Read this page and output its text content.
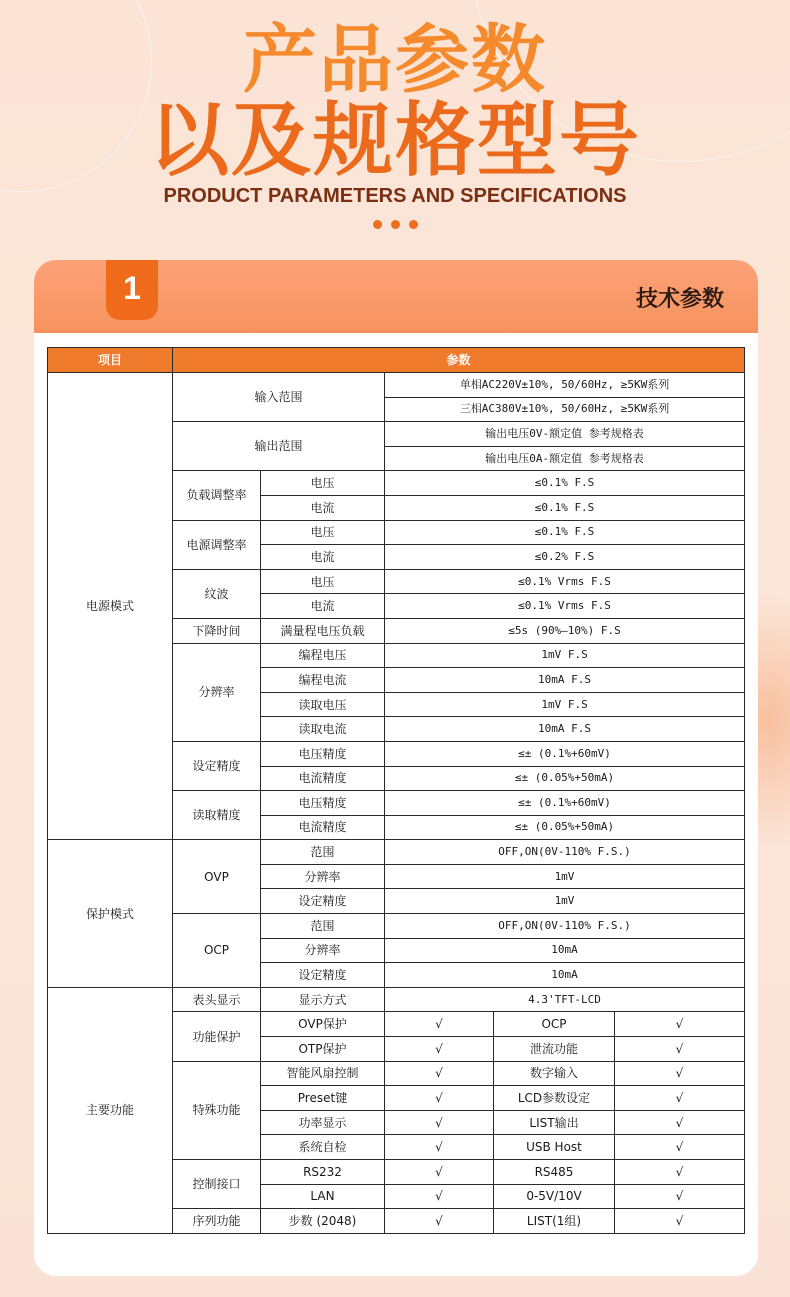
产品参数
以及规格型号
PRODUCT PARAMETERS AND SPECIFICATIONS
1	技术参数
项目	参数				
电源模式	输入范围		单相AC220V±10%, 50/60Hz, ≥5KW系列		
			三相AC380V±10%, 50/60Hz, ≥5KW系列		
	输出范围		输出电压0V-额定值 参考规格表		
			输出电压0A-额定值 参考规格表		
	负载调整率	电压	≤0.1% F.S		
		电流	≤0.1% F.S		
	电源调整率	电压	≤0.1% F.S		
		电流	≤0.2% F.S		
	纹波	电压	≤0.1% Vrms F.S		
		电流	≤0.1% Vrms F.S		
	下降时间	满量程电压负载	≤5s (90%—10%) F.S		
	分辨率	编程电压	1mV F.S		
		编程电流	10mA F.S		
		读取电压	1mV F.S		
		读取电流	10mA F.S		
	设定精度	电压精度	≤± (0.1%+60mV)		
		电流精度	≤± (0.05%+50mA)		
	读取精度	电压精度	≤± (0.1%+60mV)		
		电流精度	≤± (0.05%+50mA)		
保护模式	OVP	范围	OFF,ON(0V-110% F.S.)		
		分辨率	1mV		
		设定精度	1mV		
	OCP	范围	OFF,ON(0V-110% F.S.)		
		分辨率	10mA		
		设定精度	10mA		
主要功能	表头显示	显示方式	4.3'TFT-LCD		
	功能保护	OVP保护	√	OCP	√
		OTP保护	√	泄流功能	√
	特殊功能	智能风扇控制	√	数字输入	√
		Preset键	√	LCD参数设定	√
		功率显示	√	LIST输出	√
		系统自检	√	USB Host	√
	控制接口	RS232	√	RS485	√
		LAN	√	0-5V/10V	√
	序列功能	步数 (2048)	√	LIST(1组)	√
